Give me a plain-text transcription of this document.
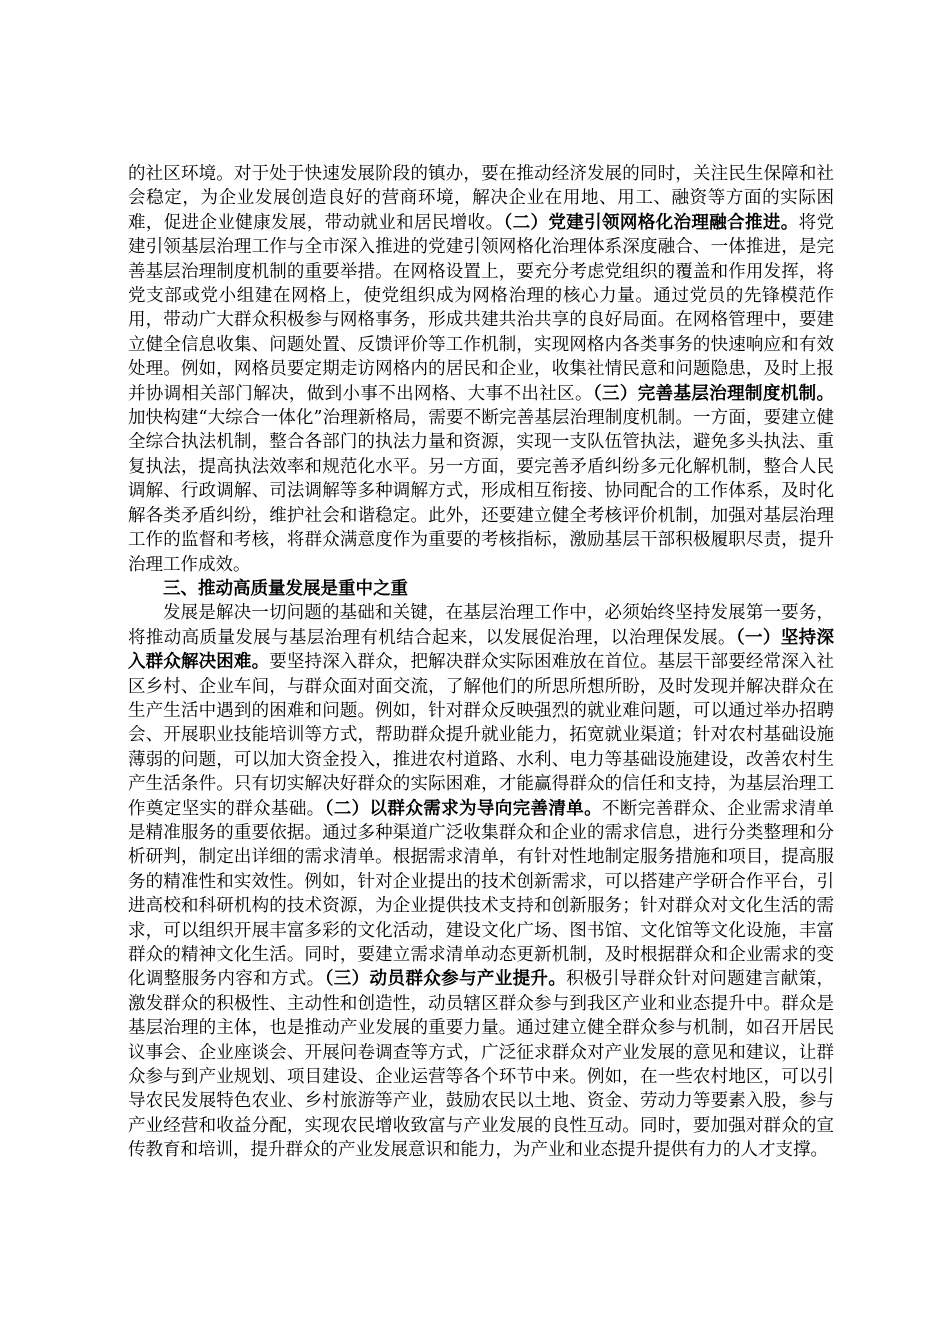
的社区环境。对于处于快速发展阶段的镇办，要在推动经济发展的同时，关注民生保障和社会稳定，为企业发展创造良好的营商环境，解决企业在用地、用工、融资等方面的实际困难，促进企业健康发展，带动就业和居民增收。（二）党建引领网格化治理融合推进。将党建引领基层治理工作与全市深入推进的党建引领网格化治理体系深度融合、一体推进，是完善基层治理制度机制的重要举措。在网格设置上，要充分考虑党组织的覆盖和作用发挥，将党支部或党小组建在网格上，使党组织成为网格治理的核心力量。通过党员的先锋模范作用，带动广大群众积极参与网格事务，形成共建共治共享的良好局面。在网格管理中，要建立健全信息收集、问题处置、反馈评价等工作机制，实现网格内各类事务的快速响应和有效处理。例如，网格员要定期走访网格内的居民和企业，收集社情民意和问题隐患，及时上报并协调相关部门解决，做到小事不出网格、大事不出社区。（三）完善基层治理制度机制。加快构建“大综合一体化”治理新格局，需要不断完善基层治理制度机制。一方面，要建立健全综合执法机制，整合各部门的执法力量和资源，实现一支队伍管执法，避免多头执法、重复执法，提高执法效率和规范化水平。另一方面，要完善矛盾纠纷多元化解机制，整合人民调解、行政调解、司法调解等多种调解方式，形成相互衔接、协同配合的工作体系，及时化解各类矛盾纠纷，维护社会和谐稳定。此外，还要建立健全考核评价机制，加强对基层治理工作的监督和考核，将群众满意度作为重要的考核指标，激励基层干部积极履职尽责，提升治理工作成效。

三、推动高质量发展是重中之重

发展是解决一切问题的基础和关键，在基层治理工作中，必须始终坚持发展第一要务，将推动高质量发展与基层治理有机结合起来，以发展促治理，以治理保发展。（一）坚持深入群众解决困难。要坚持深入群众，把解决群众实际困难放在首位。基层干部要经常深入社区乡村、企业车间，与群众面对面交流，了解他们的所思所想所盼，及时发现并解决群众在生产生活中遇到的困难和问题。例如，针对群众反映强烈的就业难问题，可以通过举办招聘会、开展职业技能培训等方式，帮助群众提升就业能力，拓宽就业渠道；针对农村基础设施薄弱的问题，可以加大资金投入，推进农村道路、水利、电力等基础设施建设，改善农村生产生活条件。只有切实解决好群众的实际困难，才能赢得群众的信任和支持，为基层治理工作奠定坚实的群众基础。（二）以群众需求为导向完善清单。不断完善群众、企业需求清单是精准服务的重要依据。通过多种渠道广泛收集群众和企业的需求信息，进行分类整理和分析研判，制定出详细的需求清单。根据需求清单，有针对性地制定服务措施和项目，提高服务的精准性和实效性。例如，针对企业提出的技术创新需求，可以搭建产学研合作平台，引进高校和科研机构的技术资源，为企业提供技术支持和创新服务；针对群众对文化生活的需求，可以组织开展丰富多彩的文化活动，建设文化广场、图书馆、文化馆等文化设施，丰富群众的精神文化生活。同时，要建立需求清单动态更新机制，及时根据群众和企业需求的变化调整服务内容和方式。（三）动员群众参与产业提升。积极引导群众针对问题建言献策，激发群众的积极性、主动性和创造性，动员辖区群众参与到我区产业和业态提升中。群众是基层治理的主体，也是推动产业发展的重要力量。通过建立健全群众参与机制，如召开居民议事会、企业座谈会、开展问卷调查等方式，广泛征求群众对产业发展的意见和建议，让群众参与到产业规划、项目建设、企业运营等各个环节中来。例如，在一些农村地区，可以引导农民发展特色农业、乡村旅游等产业，鼓励农民以土地、资金、劳动力等要素入股，参与产业经营和收益分配，实现农民增收致富与产业发展的良性互动。同时，要加强对群众的宣传教育和培训，提升群众的产业发展意识和能力，为产业和业态提升提供有力的人才支撑。
